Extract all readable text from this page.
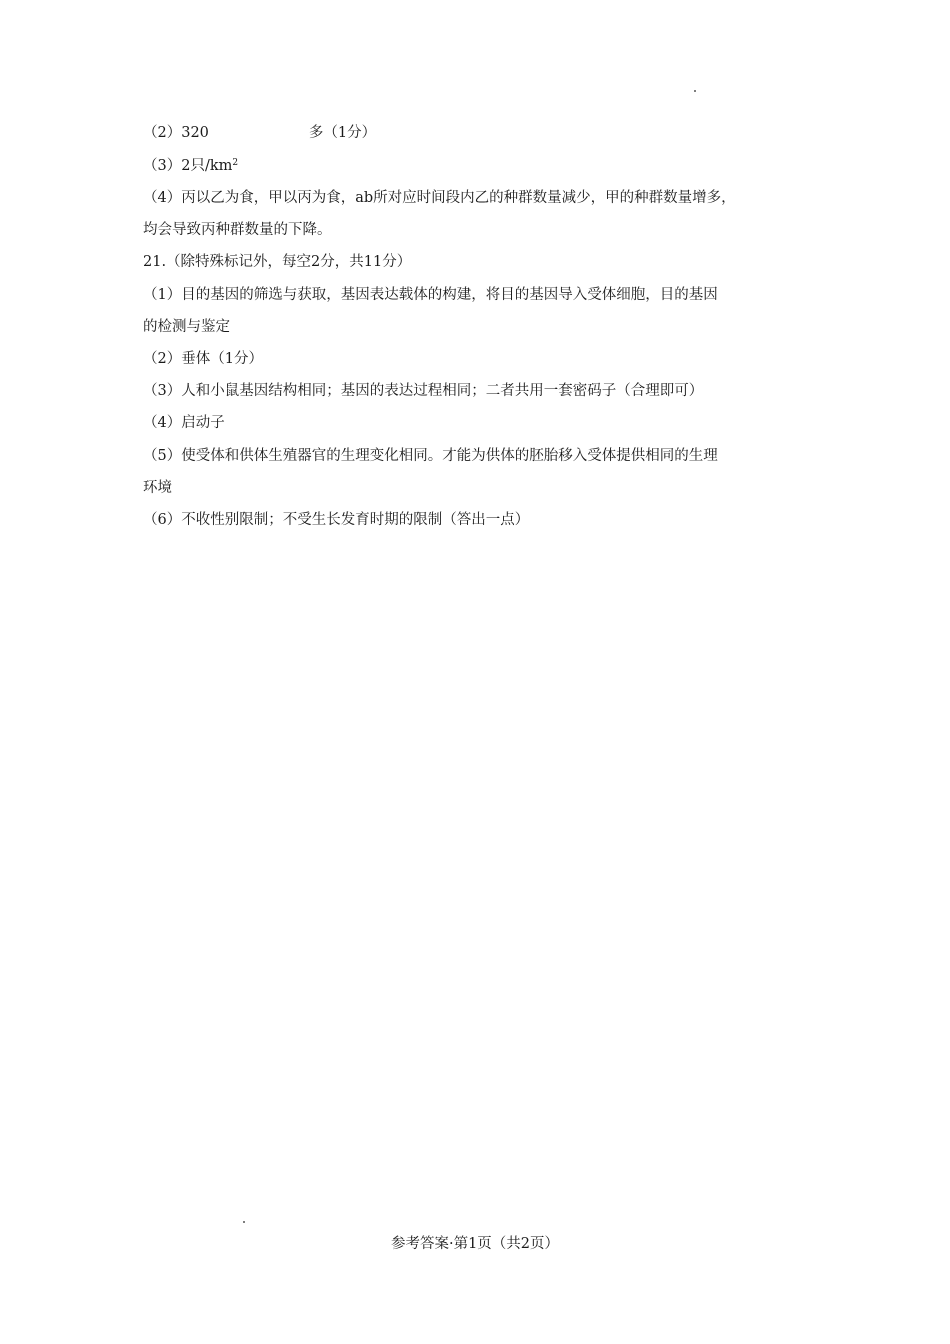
（2）320	多（1分）
（3）2只$/km^2$
（4）丙以乙为食，甲以丙为食，ab所对应时间段内乙的种群数量减少，甲的种群数量增多，
均会导致丙种群数量的下降。
21.（除特殊标记外，每空2分，共11分）
（1）目的基因的筛选与获取，基因表达载体的构建，将目的基因导入受体细胞，目的基因
的检测与鉴定
（2）垂体（1分）
（3）人和小鼠基因结构相同；基因的表达过程相同；二者共用一套密码子（合理即可）
（4）启动子
（5）使受体和供体生殖器官的生理变化相同。才能为供体的胚胎移入受体提供相同的生理
环境
（6）不收性别限制；不受生长发育时期的限制（答出一点）
参考答案·第1页（共2页）
